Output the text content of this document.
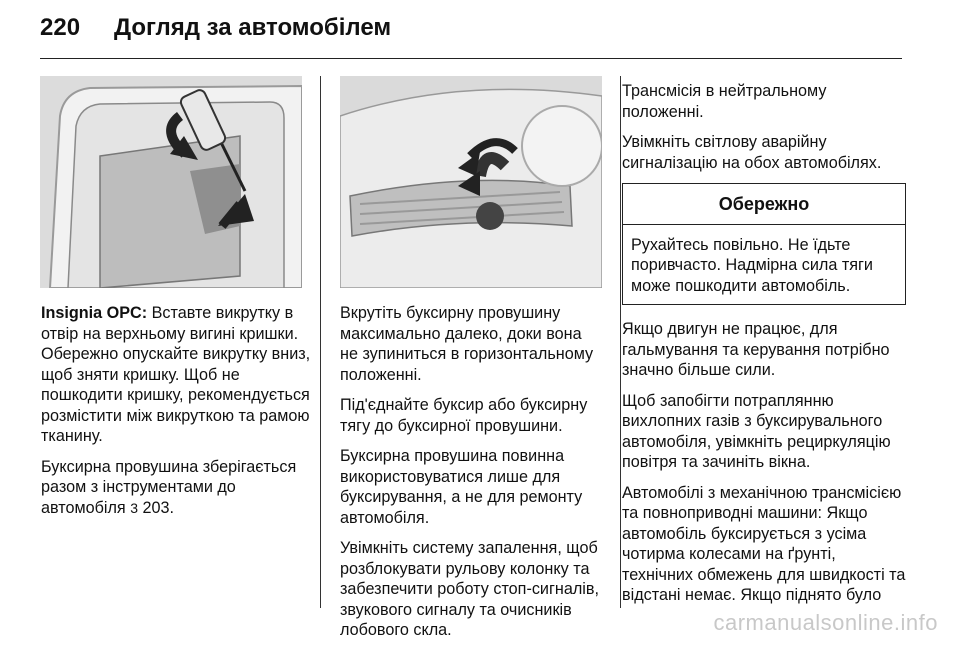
220 Догляд за автомобілем

Insignia OPC: Вставте викрутку в отвір на верхньому вигині кришки. Обережно опускайте викрутку вниз, щоб зняти кришку. Щоб не пошкодити кришку, рекомендується розмістити між викруткою та рамою тканину.

Буксирна провушина зберігається разом з інструментами до автомобіля 3 203.

Вкрутіть буксирну провушину максимально далеко, доки вона не зупиниться в горизонтальному положенні.

Під'єднайте буксир або буксирну тягу до буксирної провушини.

Буксирна провушина повинна використовуватися лише для буксирування, а не для ремонту автомобіля.

Увімкніть систему запалення, щоб розблокувати рульову колонку та забезпечити роботу стоп-сигналів, звукового сигналу та очисників лобового скла.

Трансмісія в нейтральному положенні.

Увімкніть світлову аварійну сигналізацію на обох автомобілях.

Обережно
Рухайтесь повільно. Не їдьте поривчасто. Надмірна сила тяги може пошкодити автомобіль.

Якщо двигун не працює, для гальмування та керування потрібно значно більше сили.

Щоб запобігти потраплянню вихлопних газів з буксирувального автомобіля, увімкніть рециркуляцію повітря та зачиніть вікна.

Автомобілі з механічною трансмісією та повноприводні машини: Якщо автомобіль буксирується з усіма чотирма колесами на ґрунті, технічних обмежень для швидкості та відстані немає. Якщо піднято було

carmanualsonline.info
